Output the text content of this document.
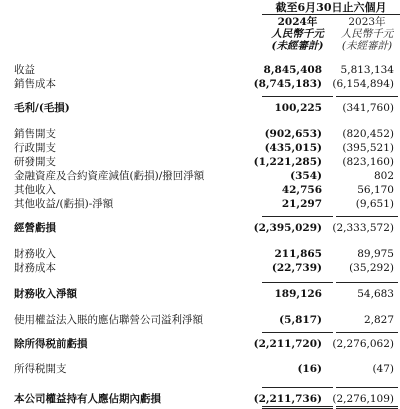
截至6月30日止六個月
2024年	2023年
人民幣千元	人民幣千元
(未經審計)	(未經審計)
收益	8,845,408 5,813,134
銷售成本	(8,745,183) (6,154,894)
毛利/(毛損)	100,225 (341,760)
銷售開支	(902,653) (820,452)
行政開支	(435,015) (395,521)
研發開支	(1,221,285) (823,160)
金融資産及合約資産減值(虧損)/撥回淨額	(354)	802
其他收入	42,756	56,170
其他收益/(虧損)-淨額	21,297	(9,651)
經營虧損	(2,395,029) (2,333,572)
財務收入	211,865	89,975
財務成本	(22,739)	(35,292)
財務收入淨額	189,126	54,683
使用權益法入賬的應佔聯營公司溢利淨額	(5,817)	2,827
除所得税前虧損	(2,211,720) (2,276,062)
所得税開支	(16)	(47)
本公司權益持有人應佔期內虧損	(2,211,736) (2,276,109)
